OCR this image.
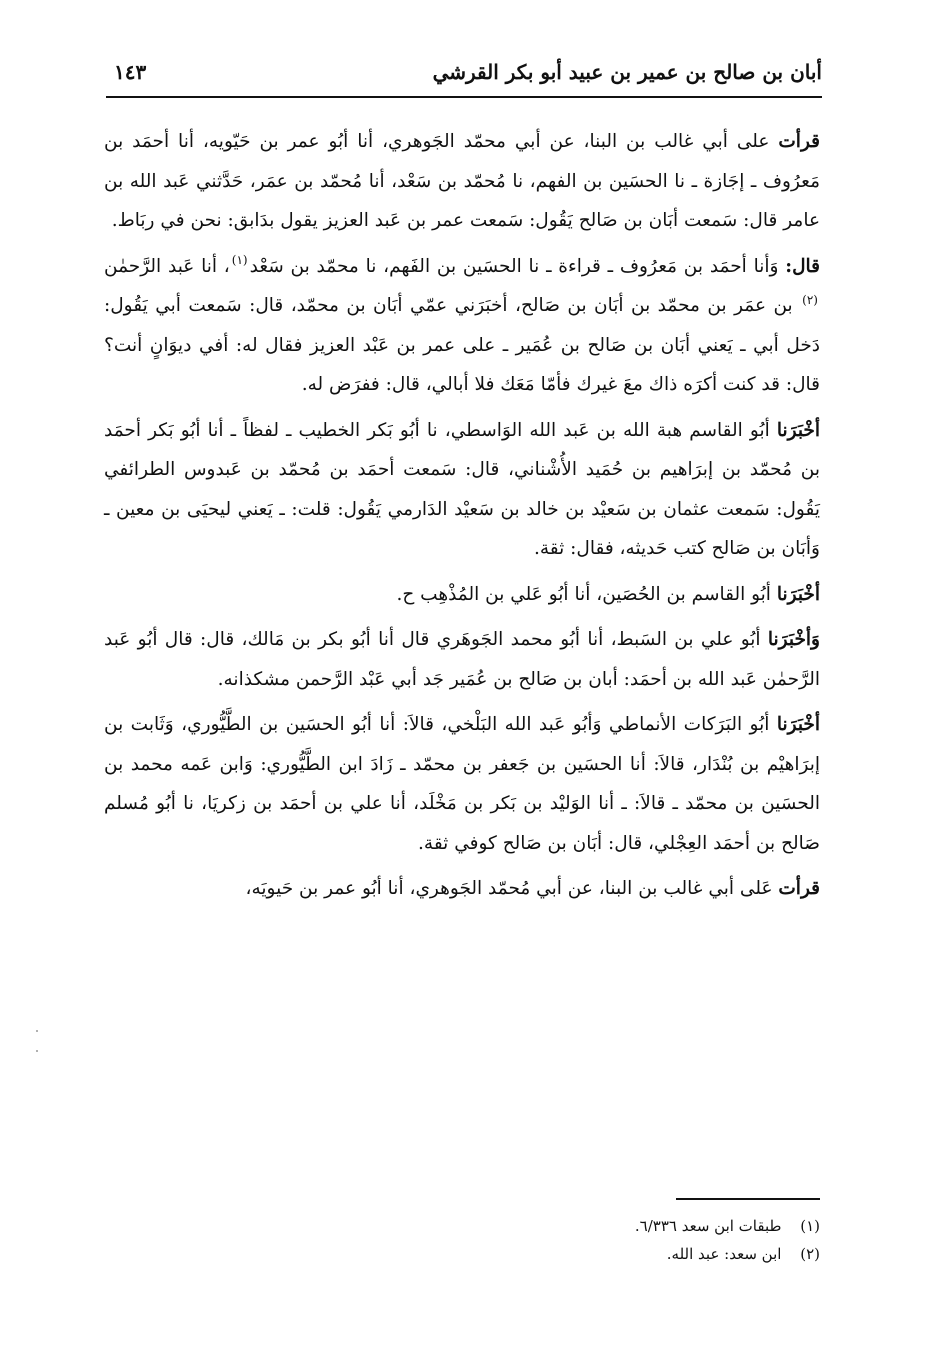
أبان بن صالح بن عمير بن عبيد أبو بكر القرشي
١٤٣

قرأت على أبي غالب بن البنا، عن أبي محمّد الجَوهري، أنا أبُو عمر بن حَيّويه، أنا أحمَد بن مَعرُوف ـ إجَازة ـ نا الحسَين بن الفهم، نا مُحمّد بن سَعْد، أنا مُحمّد بن عمَر، حَدَّثني عَبد الله بن عامر قال: سَمعت أبَان بن صَالح يَقُول: سَمعت عمر بن عَبد العزيز يقول بدَابق: نحن في ربَاط.

قال: وَأنا أحمَد بن مَعرُوف ـ قراءة ـ نا الحسَين بن الفَهم، نا محمّد بن سَعْد$^{(١)}$، أنا عَبد الرَّحمٰن $^{(٢)}$ بن عمَر بن محمّد بن أبَان بن صَالح، أخبَرَني عمّي أبَان بن محمّد، قال: سَمعت أبي يَقُول: دَخل أبي ـ يَعني أبَان بن صَالح بن عُمَير ـ على عمر بن عَبْد العزيز فقال له: أفي ديوَانٍ أنت؟ قال: قد كنت أكرَه ذاك معَ غيرك فأمّا مَعَك فلا أبالي، قال: ففرَض له.

أخْبَرَنا أبُو القاسم هبة الله بن عَبد الله الوَاسطي، نا أبُو بَكر الخطيب ـ لفظاً ـ أنا أبُو بَكر أحمَد بن مُحمّد بن إبرَاهيم بن حُمَيد الأُشْناني، قال: سَمعت أحمَد بن مُحمّد بن عَبدوس الطرائفي يَقُول: سَمعت عثمان بن سَعيْد بن خالد بن سَعيْد الدَارمي يَقُول: قلت: ـ يَعني ليحيَى بن معين ـ وَأبَان بن صَالح كتب حَديثه، فقال: ثقة.

أخْبَرَنا أبُو القاسم بن الحُصَين، أنا أبُو عَلي بن المُذْهِب ح.

وَأخْبَرَنا أبُو علي بن السَبط، أنا أبُو محمد الجَوهَري قال أنا أبُو بكر بن مَالك، قال: قال أبُو عَبد الرَّحمٰن عَبد الله بن أحمَد: أبان بن صَالح بن عُمَير جَد أبي عَبْد الرَّحمن مشكذانه.

أخْبَرَنا أبُو البَرَكات الأنماطي وَأبُو عَبد الله البَلْخي، قالاَ: أنا أبُو الحسَين بن الطَّيُّوري، وَثَابت بن إبرَاهيْم بن بُنْدَار، قالاَ: أنا الحسَين بن جَعفر بن محمّد ـ زَادَ ابن الطَّيُّوري: وَابن عَمه محمد بن الحسَين بن محمّد ـ قالاَ: ـ أنا الوَليْد بن بَكر بن مَخْلَد، أنا علي بن أحمَد بن زكريَا، نا أبُو مُسلم صَالح بن أحمَد العِجْلي، قال: أبَان بن صَالح كوفي ثقة.

قرأت عَلى أبي غالب بن البنا، عن أبي مُحمّد الجَوهري، أنا أبُو عمر بن حَيويَه،

(١) طبقات ابن سعد ٦/٣٣٦.
(٢) ابن سعد: عبد الله.
